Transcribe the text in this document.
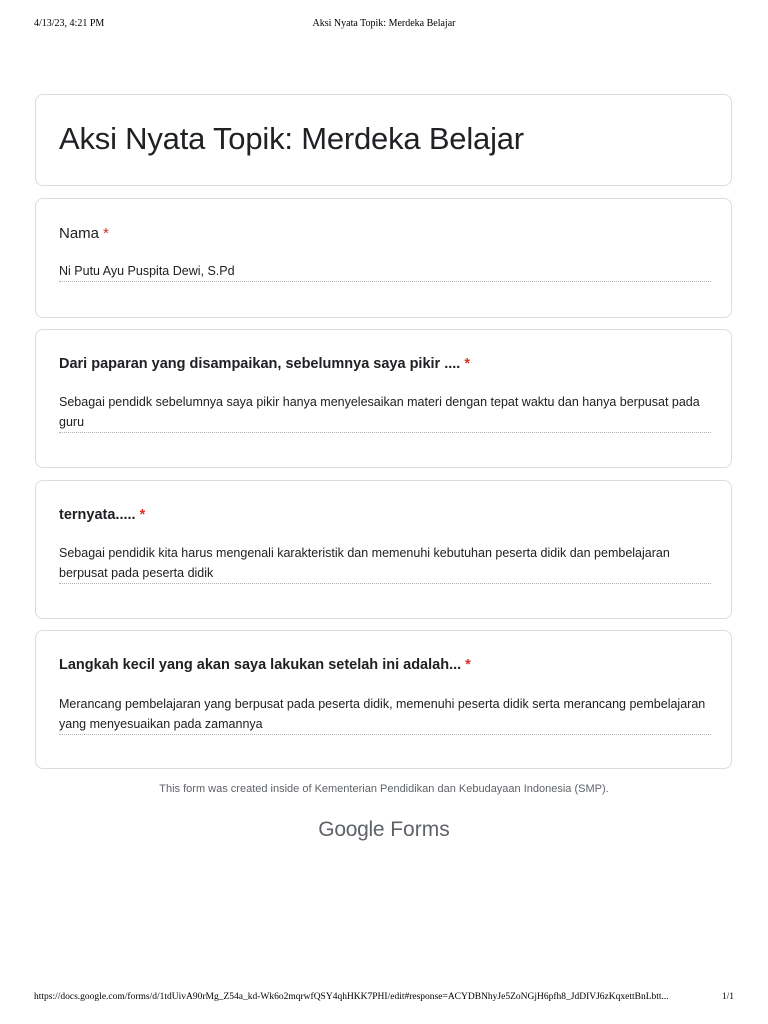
4/13/23, 4:21 PM	Aksi Nyata Topik: Merdeka Belajar
Aksi Nyata Topik: Merdeka Belajar
Nama *
Ni Putu Ayu Puspita Dewi, S.Pd
Dari paparan yang disampaikan, sebelumnya saya pikir .... *
Sebagai pendidk sebelumnya saya pikir hanya menyelesaikan materi dengan tepat waktu dan hanya berpusat pada guru
ternyata..... *
Sebagai pendidik kita harus mengenali karakteristik dan memenuhi kebutuhan peserta didik dan pembelajaran berpusat pada peserta didik
Langkah kecil yang akan saya lakukan setelah ini adalah... *
Merancang pembelajaran yang berpusat pada peserta didik, memenuhi peserta didik serta merancang pembelajaran yang menyesuaikan pada zamannya
This form was created inside of Kementerian Pendidikan dan Kebudayaan Indonesia (SMP).
Google Forms
https://docs.google.com/forms/d/1tdUivA90rMg_Z54a_kd-Wk6o2mqrwfQSY4qhHKK7PHI/edit#response=ACYDBNhyJe5ZoNGjH6pfh8_JdDIVJ6zKqxettBnLbtt...	1/1
